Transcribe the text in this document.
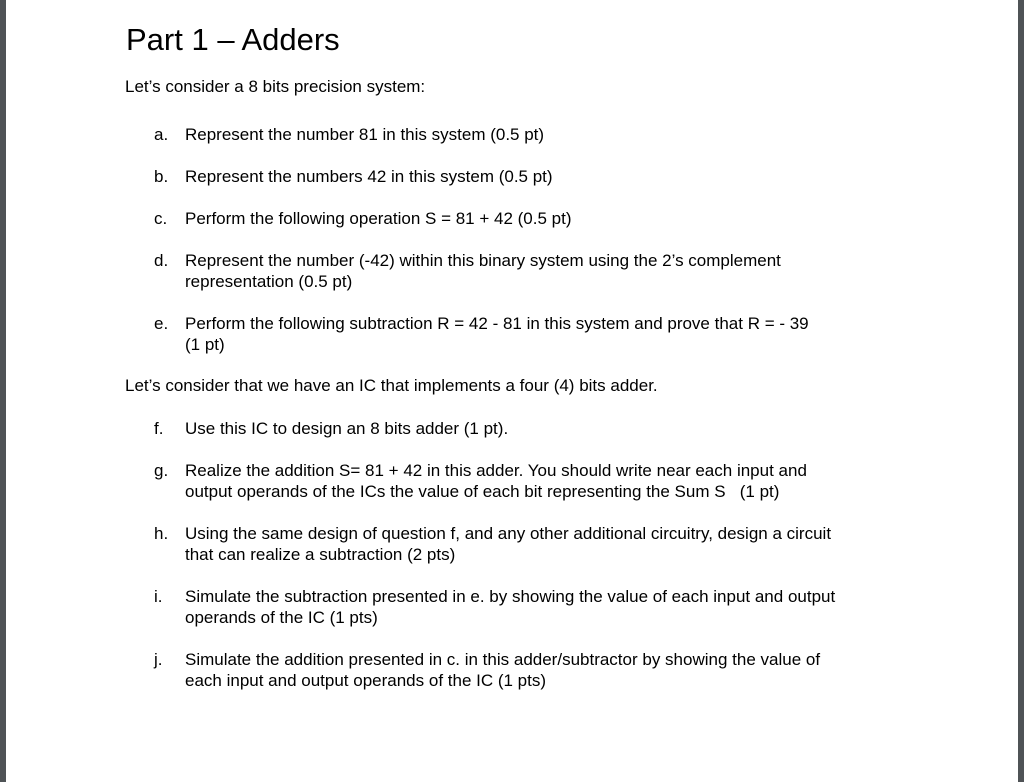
Part 1 – Adders

Let’s consider a 8 bits precision system:

a. Represent the number 81 in this system (0.5 pt)
b. Represent the numbers 42 in this system (0.5 pt)
c.	Perform the following operation S = 81 + 42 (0.5 pt)
d. Represent the number (-42) within this binary system using the 2’s complement
representation (0.5 pt)
e. Perform the following subtraction R = 42 - 81 in this system and prove that R = - 39
(1 pt)

Let’s consider that we have an IC that implements a four (4) bits adder.

f.	Use this IC to design an 8 bits adder (1 pt).
g. Realize the addition S= 81 + 42 in this adder. You should write near each input and
output operands of the ICs the value of each bit representing the Sum S   (1 pt)
h. Using the same design of question f, and any other additional circuitry, design a circuit
that can realize a subtraction (2 pts)
i.	Simulate the subtraction presented in e. by showing the value of each input and output
operands of the IC (1 pts)
j.	Simulate the addition presented in c. in this adder/subtractor by showing the value of
each input and output operands of the IC (1 pts)
